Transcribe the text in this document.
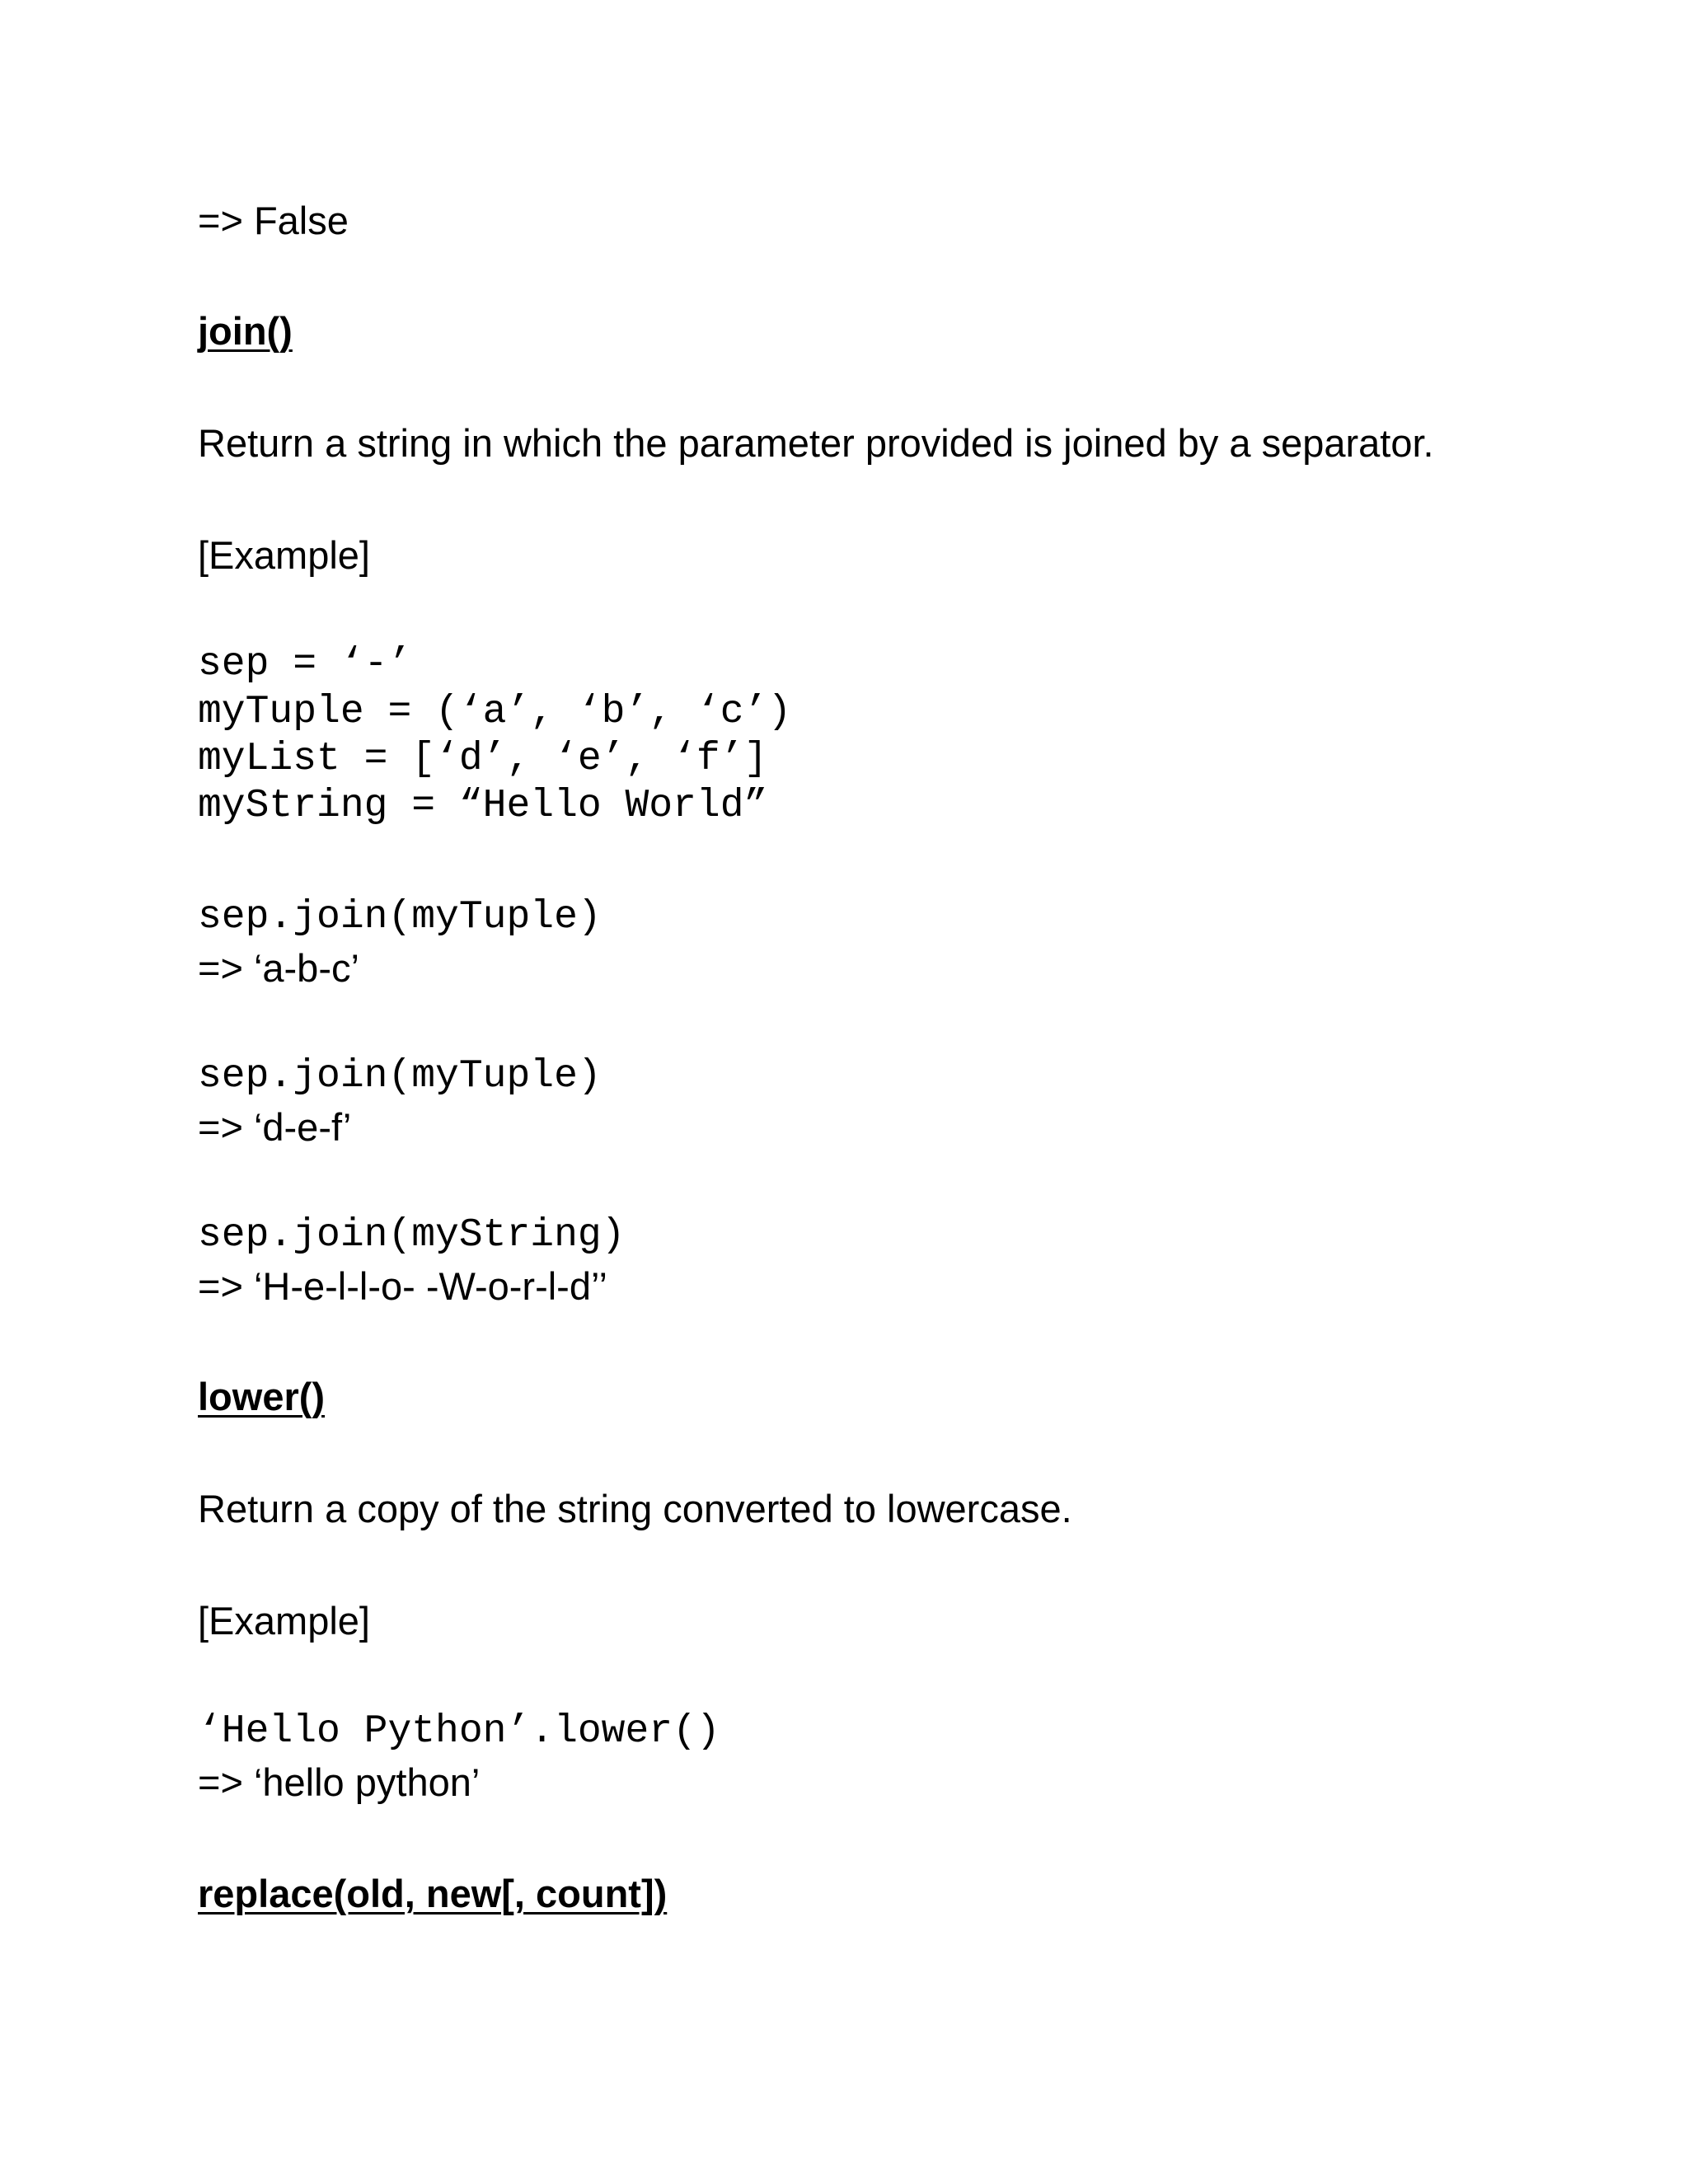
=> False

join()

Return a string in which the parameter provided is joined by a separator.

[Example]

sep = ‘-’

myTuple = (‘a’, ‘b’, ‘c’)

myList = [‘d’, ‘e’, ‘f’]

myString = “Hello World”

sep.join(myTuple)

=> ‘a-b-c’

sep.join(myTuple)

=> ‘d-e-f’

sep.join(myString)

=> ‘H-e-l-l-o- -W-o-r-l-d’’

lower()

Return a copy of the string converted to lowercase.

[Example]

‘Hello Python’.lower()

=> ‘hello python’

replace(old, new[, count])
